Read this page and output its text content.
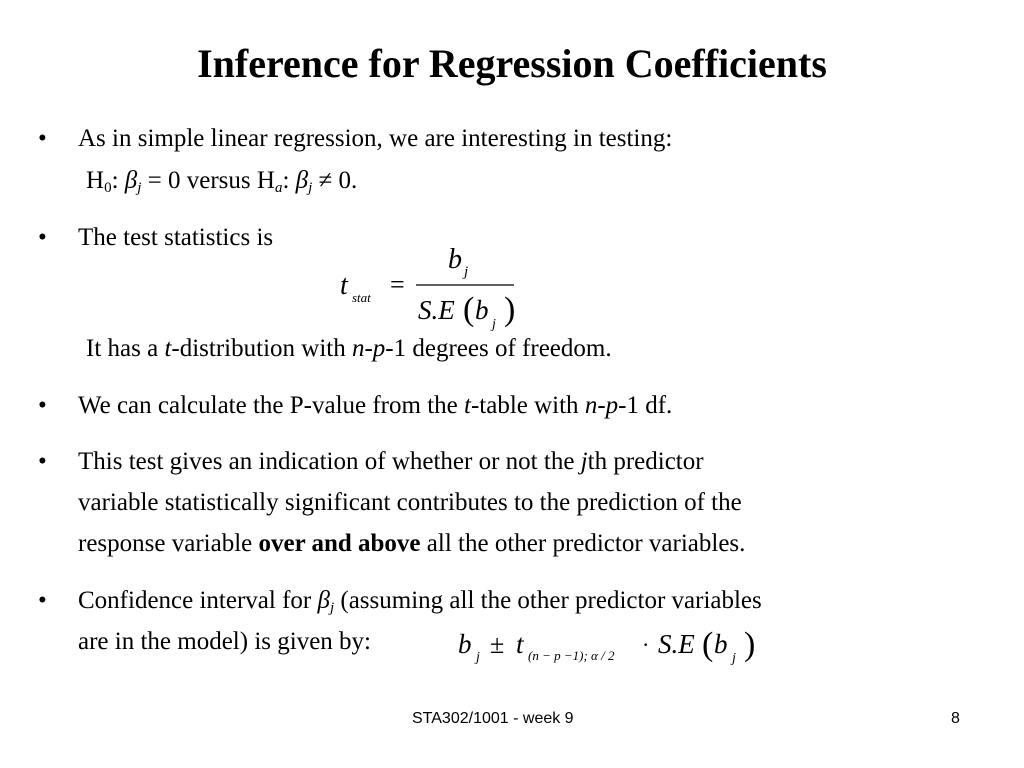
Inference for Regression Coefficients
• As in simple linear regression, we are interesting in testing:
$H_0$: $\beta_j = 0$ versus $H_a$: $\beta_j \ne 0$.
• The test statistics is
t stat =
b j
S.E ( b j )
It has a t-distribution with n-p-1 degrees of freedom.
• We can calculate the P-value from the t-table with n-p-1 df.
• This test gives an indication of whether or not the jth predictor
variable statistically significant contributes to the prediction of the
response variable over and above all the other predictor variables.
• Confidence interval for $\beta_j$ (assuming all the other predictor variables
are in the model) is given by:	b j ± t (n − p −1); α / 2 · S.E ( b j )
STA302/1001 - week 9	8
